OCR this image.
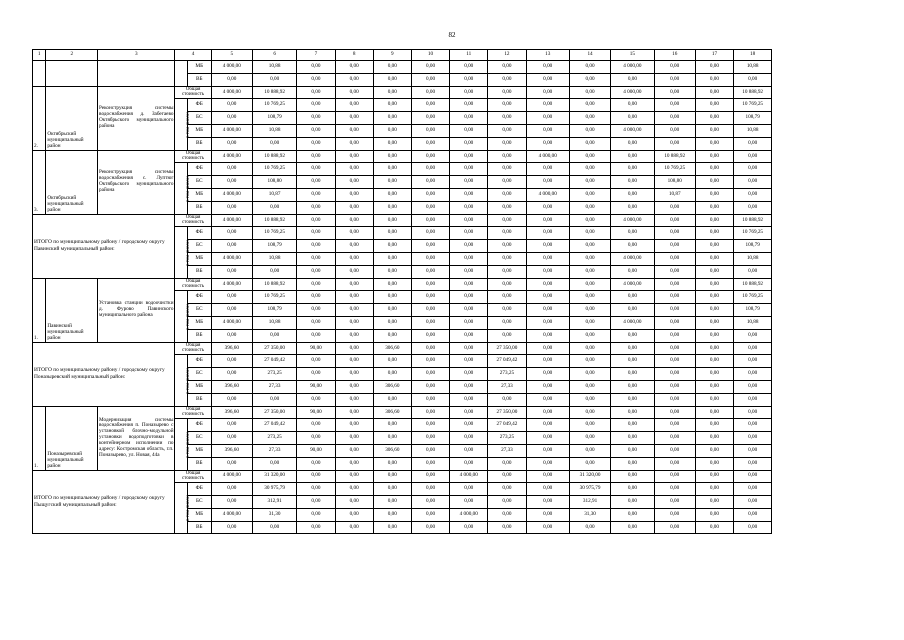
82
1	2	3	4		5	6	7	8	9	10	11	12	13	14	15	16	17	18
				МБ	4 000,00	10,88	0,00	0,00	0,00	0,00	0,00	0,00	0,00	0,00	4 000,00	0,00	0,00	10,88
				ВБ	0,00	0,00	0,00	0,00	0,00	0,00	0,00	0,00	0,00	0,00	0,00	0,00	0,00	0,00
2.	Октябрьский муниципальный район	Реконструкция системы водоснабжения д. Забегаево Октябрьского муниципального района	Общая стоимость		4 000,00	10 888,92	0,00	0,00	0,00	0,00	0,00	0,00	0,00	0,00	4 000,00	0,00	0,00	10 888,92
			в том числе:	ФБ	0,00	10 769,25	0,00	0,00	0,00	0,00	0,00	0,00	0,00	0,00	0,00	0,00	0,00	10 769,25
				БС	0,00	108,79	0,00	0,00	0,00	0,00	0,00	0,00	0,00	0,00	0,00	0,00	0,00	108,79
				МБ	4 000,00	10,88	0,00	0,00	0,00	0,00	0,00	0,00	0,00	0,00	4 000,00	0,00	0,00	10,88
				ВБ	0,00	0,00	0,00	0,00	0,00	0,00	0,00	0,00	0,00	0,00	0,00	0,00	0,00	0,00
3.	Октябрьский муниципальный район	Реконструкция системы водоснабжения с. Луптюг Октябрьского муниципального района	Общая стоимость		4 000,00	10 888,92	0,00	0,00	0,00	0,00	0,00	0,00	4 000,00	0,00	0,00	10 888,92	0,00	0,00
			в том числе:	ФБ	0,00	10 769,25	0,00	0,00	0,00	0,00	0,00	0,00	0,00	0,00	0,00	10 769,25	0,00	0,00
				БС	0,00	108,80	0,00	0,00	0,00	0,00	0,00	0,00	0,00	0,00	0,00	108,80	0,00	0,00
				МБ	4 000,00	10,87	0,00	0,00	0,00	0,00	0,00	0,00	4 000,00	0,00	0,00	10,87	0,00	0,00
				ВБ	0,00	0,00	0,00	0,00	0,00	0,00	0,00	0,00	0,00	0,00	0,00	0,00	0,00	0,00

ИТОГО по муниципальному району / городскому округу
Павинский муниципальный район:			Общая стоимость		4 000,00	10 888,92	0,00	0,00	0,00	0,00	0,00	0,00	0,00	0,00	4 000,00	0,00	0,00	10 888,92
			в том числе:	ФБ	0,00	10 769,25	0,00	0,00	0,00	0,00	0,00	0,00	0,00	0,00	0,00	0,00	0,00	10 769,25
				БС	0,00	108,79	0,00	0,00	0,00	0,00	0,00	0,00	0,00	0,00	0,00	0,00	0,00	108,79
				МБ	4 000,00	10,88	0,00	0,00	0,00	0,00	0,00	0,00	0,00	0,00	4 000,00	0,00	0,00	10,88
				ВБ	0,00	0,00	0,00	0,00	0,00	0,00	0,00	0,00	0,00	0,00	0,00	0,00	0,00	0,00
1.	Павинский муниципальный район	Установка станции водоочистки д. Фурово Павинского муниципального района	Общая стоимость		4 000,00	10 888,92	0,00	0,00	0,00	0,00	0,00	0,00	0,00	0,00	4 000,00	0,00	0,00	10 888,92
			в том числе:	ФБ	0,00	10 769,25	0,00	0,00	0,00	0,00	0,00	0,00	0,00	0,00	0,00	0,00	0,00	10 769,25
				БС	0,00	108,79	0,00	0,00	0,00	0,00	0,00	0,00	0,00	0,00	0,00	0,00	0,00	108,79
				МБ	4 000,00	10,88	0,00	0,00	0,00	0,00	0,00	0,00	0,00	0,00	4 000,00	0,00	0,00	10,88
				ВБ	0,00	0,00	0,00	0,00	0,00	0,00	0,00	0,00	0,00	0,00	0,00	0,00	0,00	0,00

ИТОГО по муниципальному району / городскому округу
Поназыревский муниципальный район:			Общая стоимость		396,60	27 350,00	90,00	0,00	306,60	0,00	0,00	27 350,00	0,00	0,00	0,00	0,00	0,00	0,00
			в том числе:	ФБ	0,00	27 049,42	0,00	0,00	0,00	0,00	0,00	27 049,42	0,00	0,00	0,00	0,00	0,00	0,00
				БС	0,00	273,25	0,00	0,00	0,00	0,00	0,00	273,25	0,00	0,00	0,00	0,00	0,00	0,00
				МБ	396,60	27,33	90,00	0,00	306,60	0,00	0,00	27,33	0,00	0,00	0,00	0,00	0,00	0,00
				ВБ	0,00	0,00	0,00	0,00	0,00	0,00	0,00	0,00	0,00	0,00	0,00	0,00	0,00	0,00
1.	Поназыревский муниципальный район	Модернизация системы водоснабжения п. Поназырево с установкой блочно-модульной установки водоподготовки в контейнерном исполнении по адресу: Костромская область, г.п. Поназырево, ул. Новая, 44а	Общая стоимость		396,60	27 350,00	90,00	0,00	306,60	0,00	0,00	27 350,00	0,00	0,00	0,00	0,00	0,00	0,00
			в том числе:	ФБ	0,00	27 049,42	0,00	0,00	0,00	0,00	0,00	27 049,42	0,00	0,00	0,00	0,00	0,00	0,00
				БС	0,00	273,25	0,00	0,00	0,00	0,00	0,00	273,25	0,00	0,00	0,00	0,00	0,00	0,00
				МБ	396,60	27,33	90,00	0,00	306,60	0,00	0,00	27,33	0,00	0,00	0,00	0,00	0,00	0,00
				ВБ	0,00	0,00	0,00	0,00	0,00	0,00	0,00	0,00	0,00	0,00	0,00	0,00	0,00	0,00

ИТОГО по муниципальному району / городскому округу
Пыщугский муниципальный район:			Общая стоимость		4 000,00	31 320,00	0,00	0,00	0,00	0,00	4 000,00	0,00	0,00	31 320,00	0,00	0,00	0,00	0,00
			в том числе:	ФБ	0,00	30 975,79	0,00	0,00	0,00	0,00	0,00	0,00	0,00	30 975,79	0,00	0,00	0,00	0,00
				БС	0,00	312,91	0,00	0,00	0,00	0,00	0,00	0,00	0,00	312,91	0,00	0,00	0,00	0,00
				МБ	4 000,00	31,30	0,00	0,00	0,00	0,00	4 000,00	0,00	0,00	31,30	0,00	0,00	0,00	0,00
				ВБ	0,00	0,00	0,00	0,00	0,00	0,00	0,00	0,00	0,00	0,00	0,00	0,00	0,00	0,00
